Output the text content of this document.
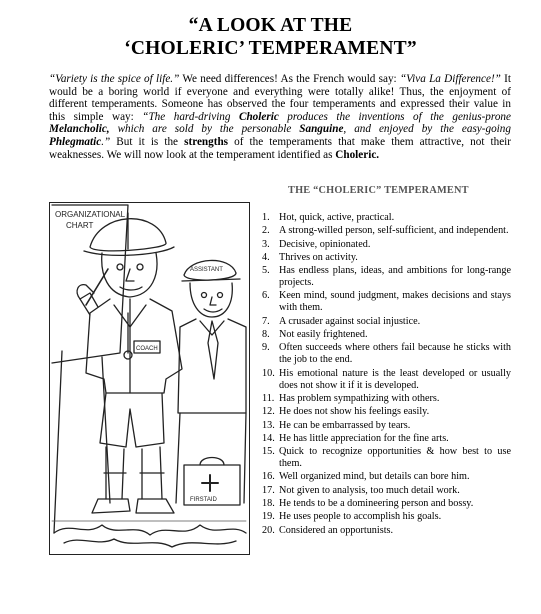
“A LOOK AT THE
‘CHOLERIC’ TEMPERAMENT”

“Variety is the spice of life.” We need differences! As the French would say: “Viva La Difference!” It would be a boring world if everyone and everything were totally alike! Thus, the enjoyment of different temperaments. Someone has observed the four temperaments and expressed their value in this simple way: “The hard-driving Choleric produces the inventions of the genius-prone Melancholic, which are sold by the personable Sanguine, and enjoyed by the easy-going Phlegmatic.” But it is the strengths of the temperaments that make them attractive, not their weaknesses. We will now look at the temperament identified as Choleric.

THE “CHOLERIC” TEMPERAMENT
ORGANIZATIONAL
CHART
ASSISTANT
COACH
FIRSTAID
1. Hot, quick, active, practical.
2. A strong-willed person, self-sufficient, and independent.
3. Decisive, opinionated.
4. Thrives on activity.
5. Has endless plans, ideas, and ambitions for long-range projects.
6. Keen mind, sound judgment, makes decisions and stays with them.
7. A crusader against social injustice.
8. Not easily frightened.
9. Often succeeds where others fail because he sticks with the job to the end.
10. His emotional nature is the least developed or usually does not show it if it is developed.
11. Has problem sympathizing with others.
12. He does not show his feelings easily.
13. He can be embarrassed by tears.
14. He has little appreciation for the fine arts.
15. Quick to recognize opportunities & how best to use them.
16. Well organized mind, but details can bore him.
17. Not given to analysis, too much detail work.
18. He tends to be a domineering person and bossy.
19. He uses people to accomplish his goals.
20. Considered an opportunists.
